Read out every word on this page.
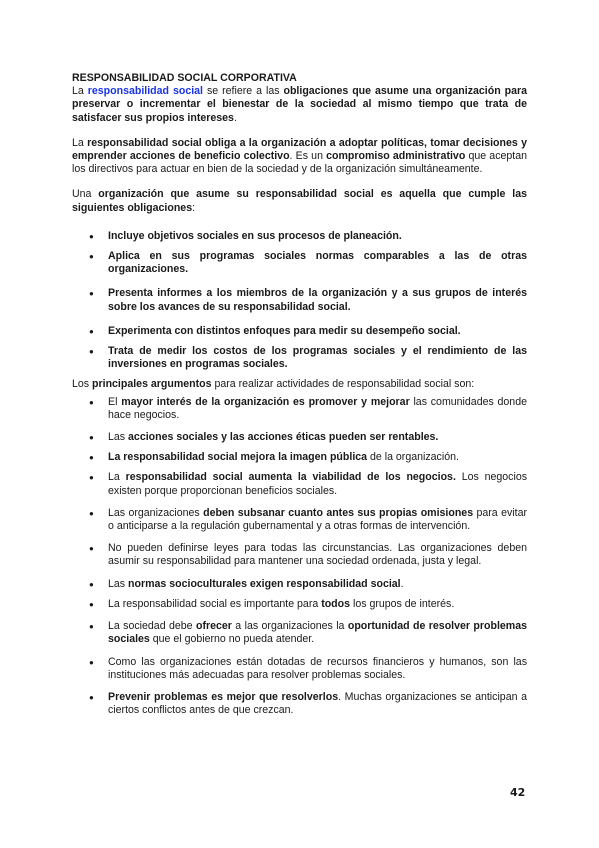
RESPONSABILIDAD SOCIAL CORPORATIVA

La responsabilidad social se refiere a las obligaciones que asume una organización para preservar o incrementar el bienestar de la sociedad al mismo tiempo que trata de satisfacer sus propios intereses.

La responsabilidad social obliga a la organización a adoptar políticas, tomar decisiones y emprender acciones de beneficio colectivo. Es un compromiso administrativo que aceptan los directivos para actuar en bien de la sociedad y de la organización simultáneamente.

Una organización que asume su responsabilidad social es aquella que cumple las siguientes obligaciones:

● Incluye objetivos sociales en sus procesos de planeación.
● Aplica en sus programas sociales normas comparables a las de otras organizaciones.
● Presenta informes a los miembros de la organización y a sus grupos de interés sobre los avances de su responsabilidad social.
● Experimenta con distintos enfoques para medir su desempeño social.
● Trata de medir los costos de los programas sociales y el rendimiento de las inversiones en programas sociales.

Los principales argumentos para realizar actividades de responsabilidad social son:

● El mayor interés de la organización es promover y mejorar las comunidades donde hace negocios.
● Las acciones sociales y las acciones éticas pueden ser rentables.
● La responsabilidad social mejora la imagen pública de la organización.
● La responsabilidad social aumenta la viabilidad de los negocios. Los negocios existen porque proporcionan beneficios sociales.
● Las organizaciones deben subsanar cuanto antes sus propias omisiones para evitar o anticiparse a la regulación gubernamental y a otras formas de intervención.
● No pueden definirse leyes para todas las circunstancias. Las organizaciones deben asumir su responsabilidad para mantener una sociedad ordenada, justa y legal.
● Las normas socioculturales exigen responsabilidad social.
● La responsabilidad social es importante para todos los grupos de interés.
● La sociedad debe ofrecer a las organizaciones la oportunidad de resolver problemas sociales que el gobierno no pueda atender.
● Como las organizaciones están dotadas de recursos financieros y humanos, son las instituciones más adecuadas para resolver problemas sociales.
● Prevenir problemas es mejor que resolverlos. Muchas organizaciones se anticipan a ciertos conflictos antes de que crezcan.
42
